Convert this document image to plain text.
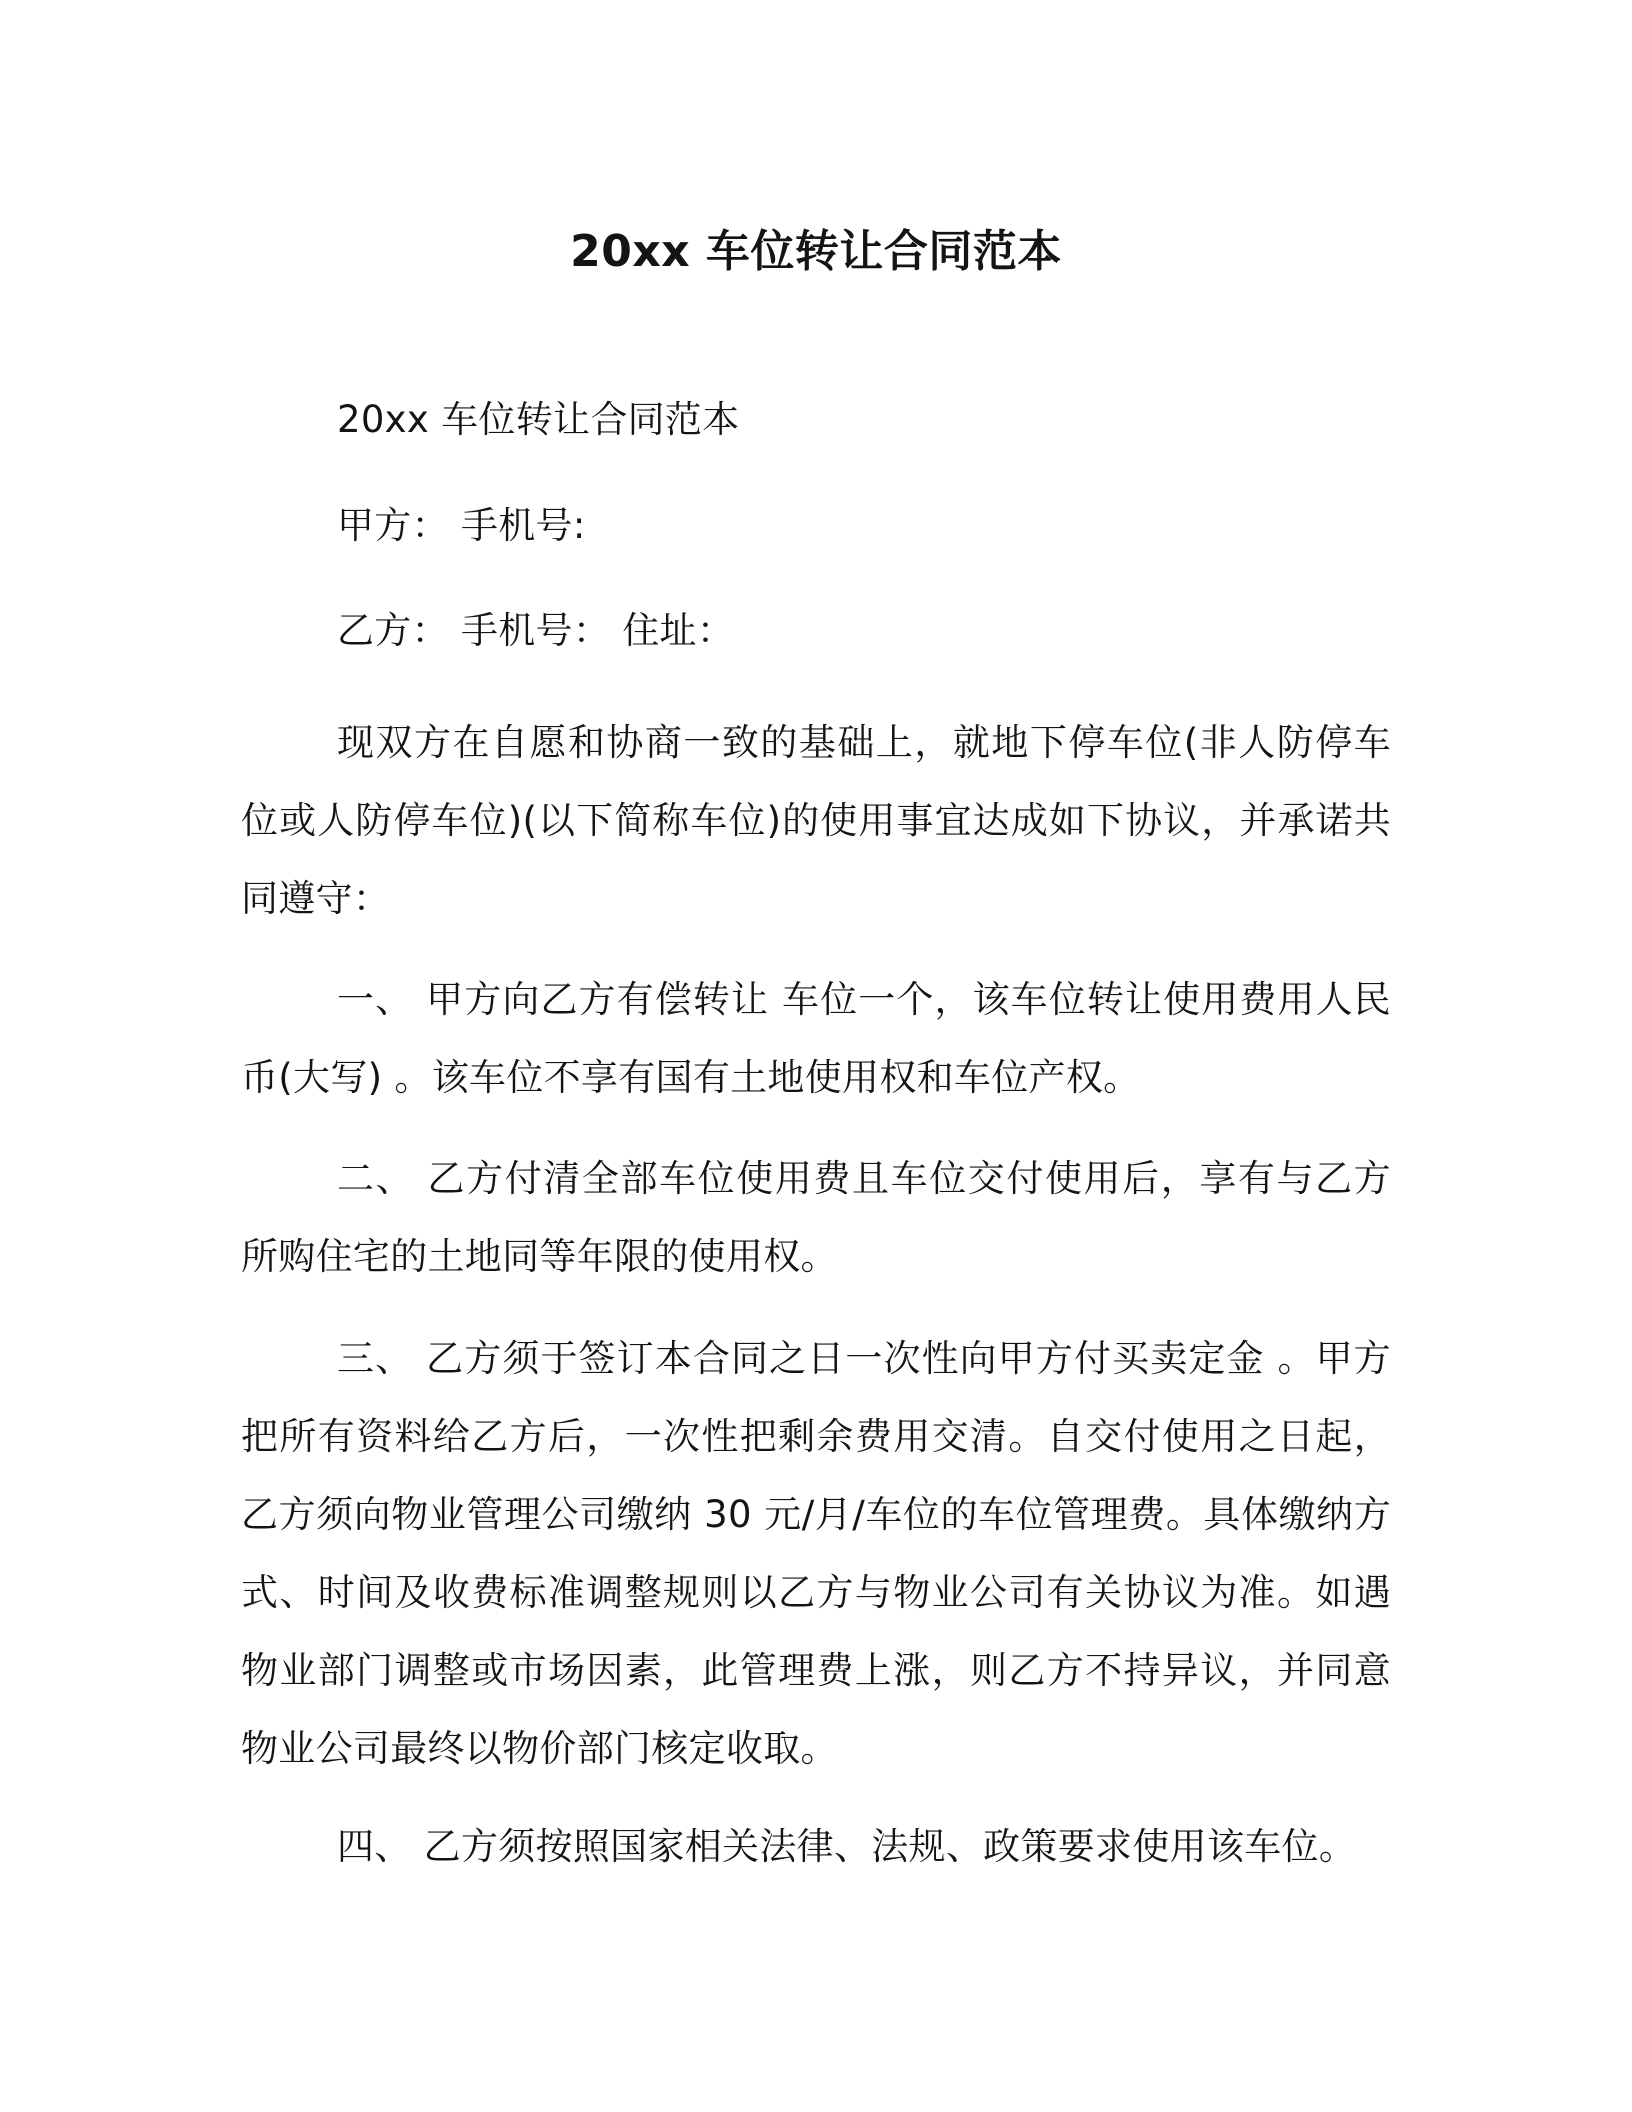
20xx 车位转让合同范本
20xx 车位转让合同范本
甲方： 手机号:
乙方： 手机号： 住址：
现双方在自愿和协商一致的基础上，就地下停车位(非人防停车位或人防停车位)(以下简称车位)的使用事宜达成如下协议，并承诺共同遵守：
一、 甲方向乙方有偿转让 车位一个，该车位转让使用费用人民币(大写) 。该车位不享有国有土地使用权和车位产权。
二、 乙方付清全部车位使用费且车位交付使用后，享有与乙方所购住宅的土地同等年限的使用权。
三、 乙方须于签订本合同之日一次性向甲方付买卖定金 。甲方把所有资料给乙方后，一次性把剩余费用交清。自交付使用之日起，乙方须向物业管理公司缴纳 30 元/月/车位的车位管理费。具体缴纳方式、时间及收费标准调整规则以乙方与物业公司有关协议为准。如遇物业部门调整或市场因素，此管理费上涨，则乙方不持异议，并同意物业公司最终以物价部门核定收取。
四、 乙方须按照国家相关法律、法规、政策要求使用该车位。
